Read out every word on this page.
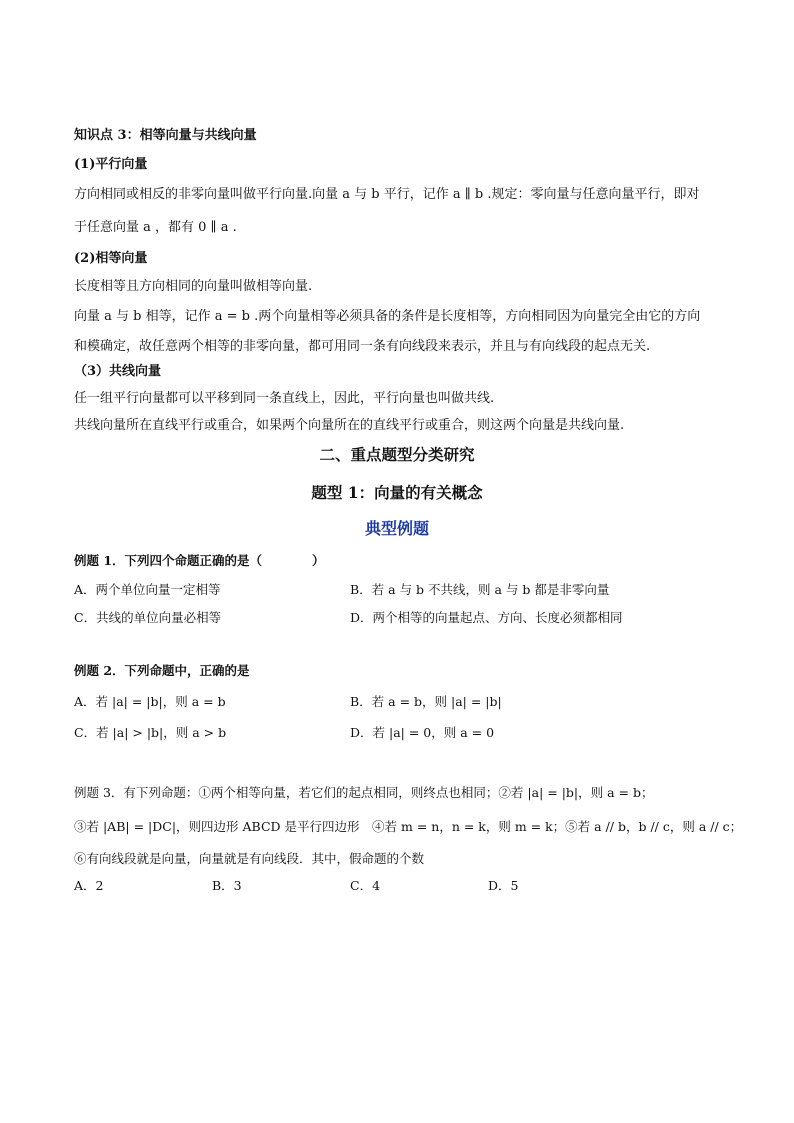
知识点 3：相等向量与共线向量
(1)平行向量
方向相同或相反的非零向量叫做平行向量.向量 a 与 b 平行，记作 a ∥ b .规定：零向量与任意向量平行，即对
于任意向量 a ，都有 0 ∥ a .
(2)相等向量
长度相等且方向相同的向量叫做相等向量.
向量 a 与 b 相等，记作 a = b .两个向量相等必须具备的条件是长度相等，方向相同因为向量完全由它的方向
和模确定，故任意两个相等的非零向量，都可用同一条有向线段来表示，并且与有向线段的起点无关.
（3）共线向量
任一组平行向量都可以平移到同一条直线上，因此，平行向量也叫做共线.
共线向量所在直线平行或重合，如果两个向量所在的直线平行或重合，则这两个向量是共线向量.
二、重点题型分类研究
题型 1：向量的有关概念
典型例题
例题 1．下列四个命题正确的是（　　　　）
A．两个单位向量一定相等	B．若 a 与 b 不共线，则 a 与 b 都是非零向量
C．共线的单位向量必相等	D．两个相等的向量起点、方向、长度必须都相同
例题 2．下列命题中，正确的是
A．若 |a| = |b|，则 a = b	B．若 a = b，则 |a| = |b|
C．若 |a| > |b|，则 a > b	D．若 |a| = 0，则 a = 0
例题 3．有下列命题：①两个相等向量，若它们的起点相同，则终点也相同；②若 |a| = |b|，则 a = b；
③若 |AB| = |DC|，则四边形 ABCD 是平行四边形　④若 m = n，n = k，则 m = k；⑤若 a // b，b // c，则 a // c；
⑥有向线段就是向量，向量就是有向线段．其中，假命题的个数
A．2	B．3	C．4	D．5
